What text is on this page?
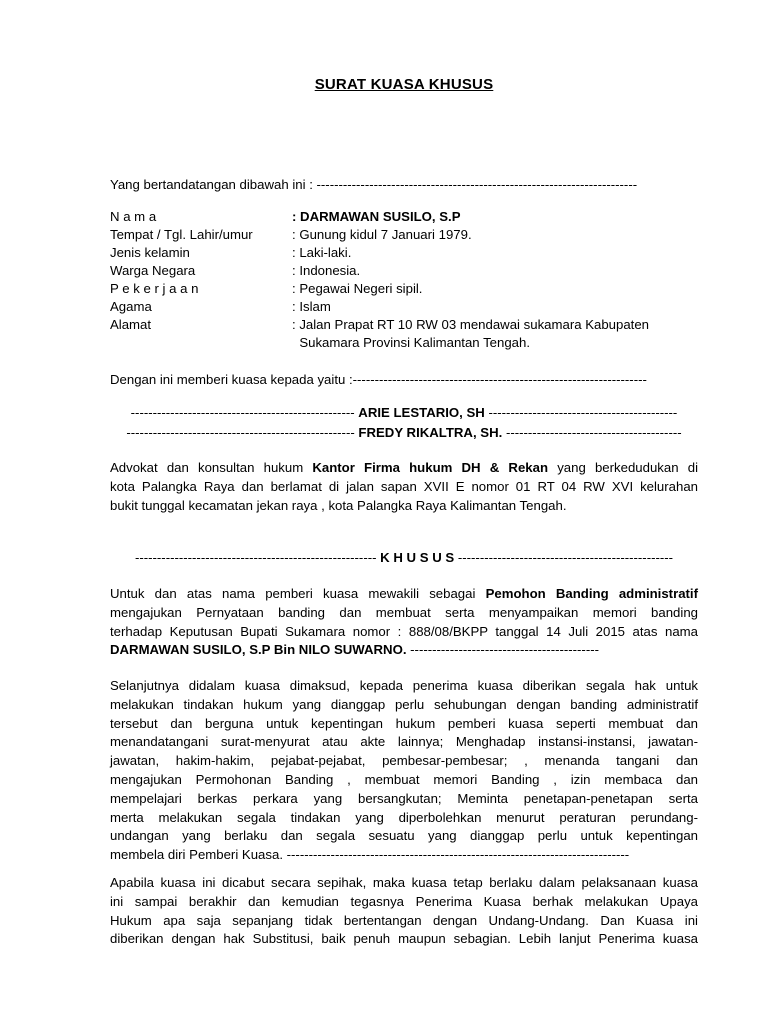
SURAT KUASA KHUSUS
Yang bertandatangan dibawah ini : -------------------------------------------------------------------------
N a m a	: DARMAWAN SUSILO, S.P
Tempat / Tgl. Lahir/umur	: Gunung kidul 7 Januari 1979.
Jenis kelamin	: Laki-laki.
Warga Negara	: Indonesia.
P e k e r j a a n	: Pegawai Negeri sipil.
Agama	: Islam
Alamat	: Jalan Prapat RT 10 RW 03 mendawai sukamara Kabupaten
Sukamara Provinsi Kalimantan Tengah.
Dengan ini memberi kuasa kepada yaitu :-------------------------------------------------------------------
--------------------------------------------------- ARIE LESTARIO, SH -------------------------------------------
---------------------------------------------------- FREDY RIKALTRA, SH. ----------------------------------------
Advokat dan konsultan hukum Kantor Firma hukum DH & Rekan yang berkedudukan di
kota Palangka Raya dan berlamat di jalan sapan XVII E nomor 01 RT 04 RW XVI kelurahan
bukit tunggal kecamatan jekan raya , kota Palangka Raya Kalimantan Tengah.
------------------------------------------------------- K H U S U S -------------------------------------------------
Untuk dan atas nama pemberi kuasa mewakili sebagai Pemohon Banding administratif
mengajukan Pernyataan banding dan membuat serta menyampaikan memori banding
terhadap Keputusan Bupati Sukamara nomor : 888/08/BKPP tanggal 14 Juli 2015 atas nama
DARMAWAN SUSILO, S.P Bin NILO SUWARNO. -------------------------------------------
Selanjutnya didalam kuasa dimaksud, kepada penerima kuasa diberikan segala hak untuk
melakukan tindakan hukum yang dianggap perlu sehubungan dengan banding administratif
tersebut dan berguna untuk kepentingan hukum pemberi kuasa seperti membuat dan
menandatangani surat-menyurat atau akte lainnya; Menghadap instansi-instansi, jawatan-
jawatan, hakim-hakim, pejabat-pejabat, pembesar-pembesar; , menanda tangani dan
mengajukan Permohonan Banding , membuat memori Banding , izin membaca dan
mempelajari berkas perkara yang bersangkutan; Meminta penetapan-penetapan serta
merta melakukan segala tindakan yang diperbolehkan menurut peraturan perundang-
undangan yang berlaku dan segala sesuatu yang dianggap perlu untuk kepentingan
membela diri Pemberi Kuasa. ------------------------------------------------------------------------------
Apabila kuasa ini dicabut secara sepihak, maka kuasa tetap berlaku dalam pelaksanaan kuasa
ini sampai berakhir dan kemudian tegasnya Penerima Kuasa berhak melakukan Upaya
Hukum apa saja sepanjang tidak bertentangan dengan Undang-Undang. Dan Kuasa ini
diberikan dengan hak Substitusi, baik penuh maupun sebagian. Lebih lanjut Penerima kuasa
